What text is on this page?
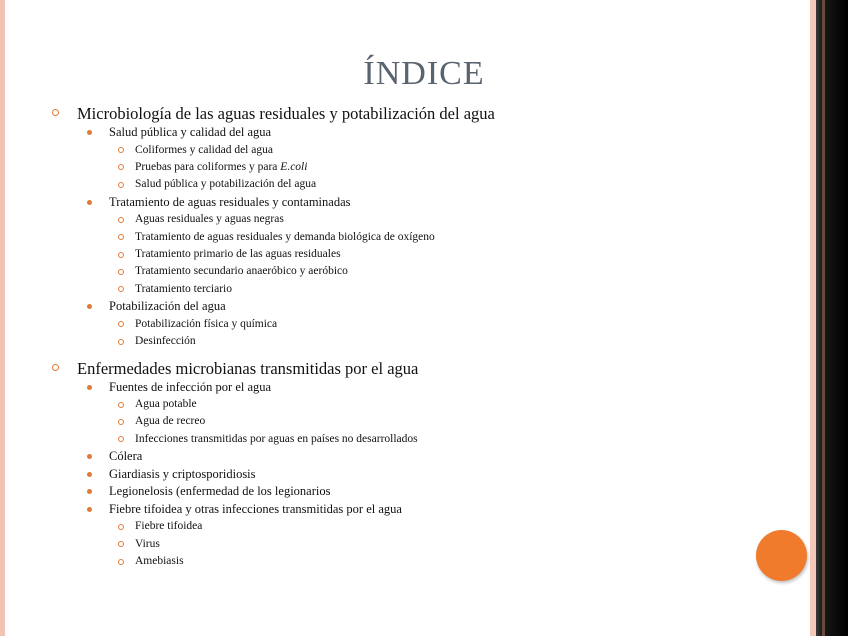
ÍNDICE
Microbiología de las aguas residuales y potabilización del agua
Salud pública y calidad del agua
Coliformes y calidad del agua
Pruebas para coliformes y para E.coli
Salud pública y potabilización del agua
Tratamiento de aguas residuales y contaminadas
Aguas residuales y aguas negras
Tratamiento de aguas residuales y demanda biológica de oxígeno
Tratamiento primario de las aguas residuales
Tratamiento secundario anaeróbico y aeróbico
Tratamiento terciario
Potabilización del agua
Potabilización física y química
Desinfección
Enfermedades microbianas transmitidas por el agua
Fuentes de infección por el agua
Agua potable
Agua de recreo
Infecciones transmitidas por aguas en países no desarrollados
Cólera
Giardiasis y criptosporidiosis
Legionelosis (enfermedad de los legionarios
Fiebre tifoidea y otras infecciones transmitidas por el agua
Fiebre tifoidea
Virus
Amebiasis
